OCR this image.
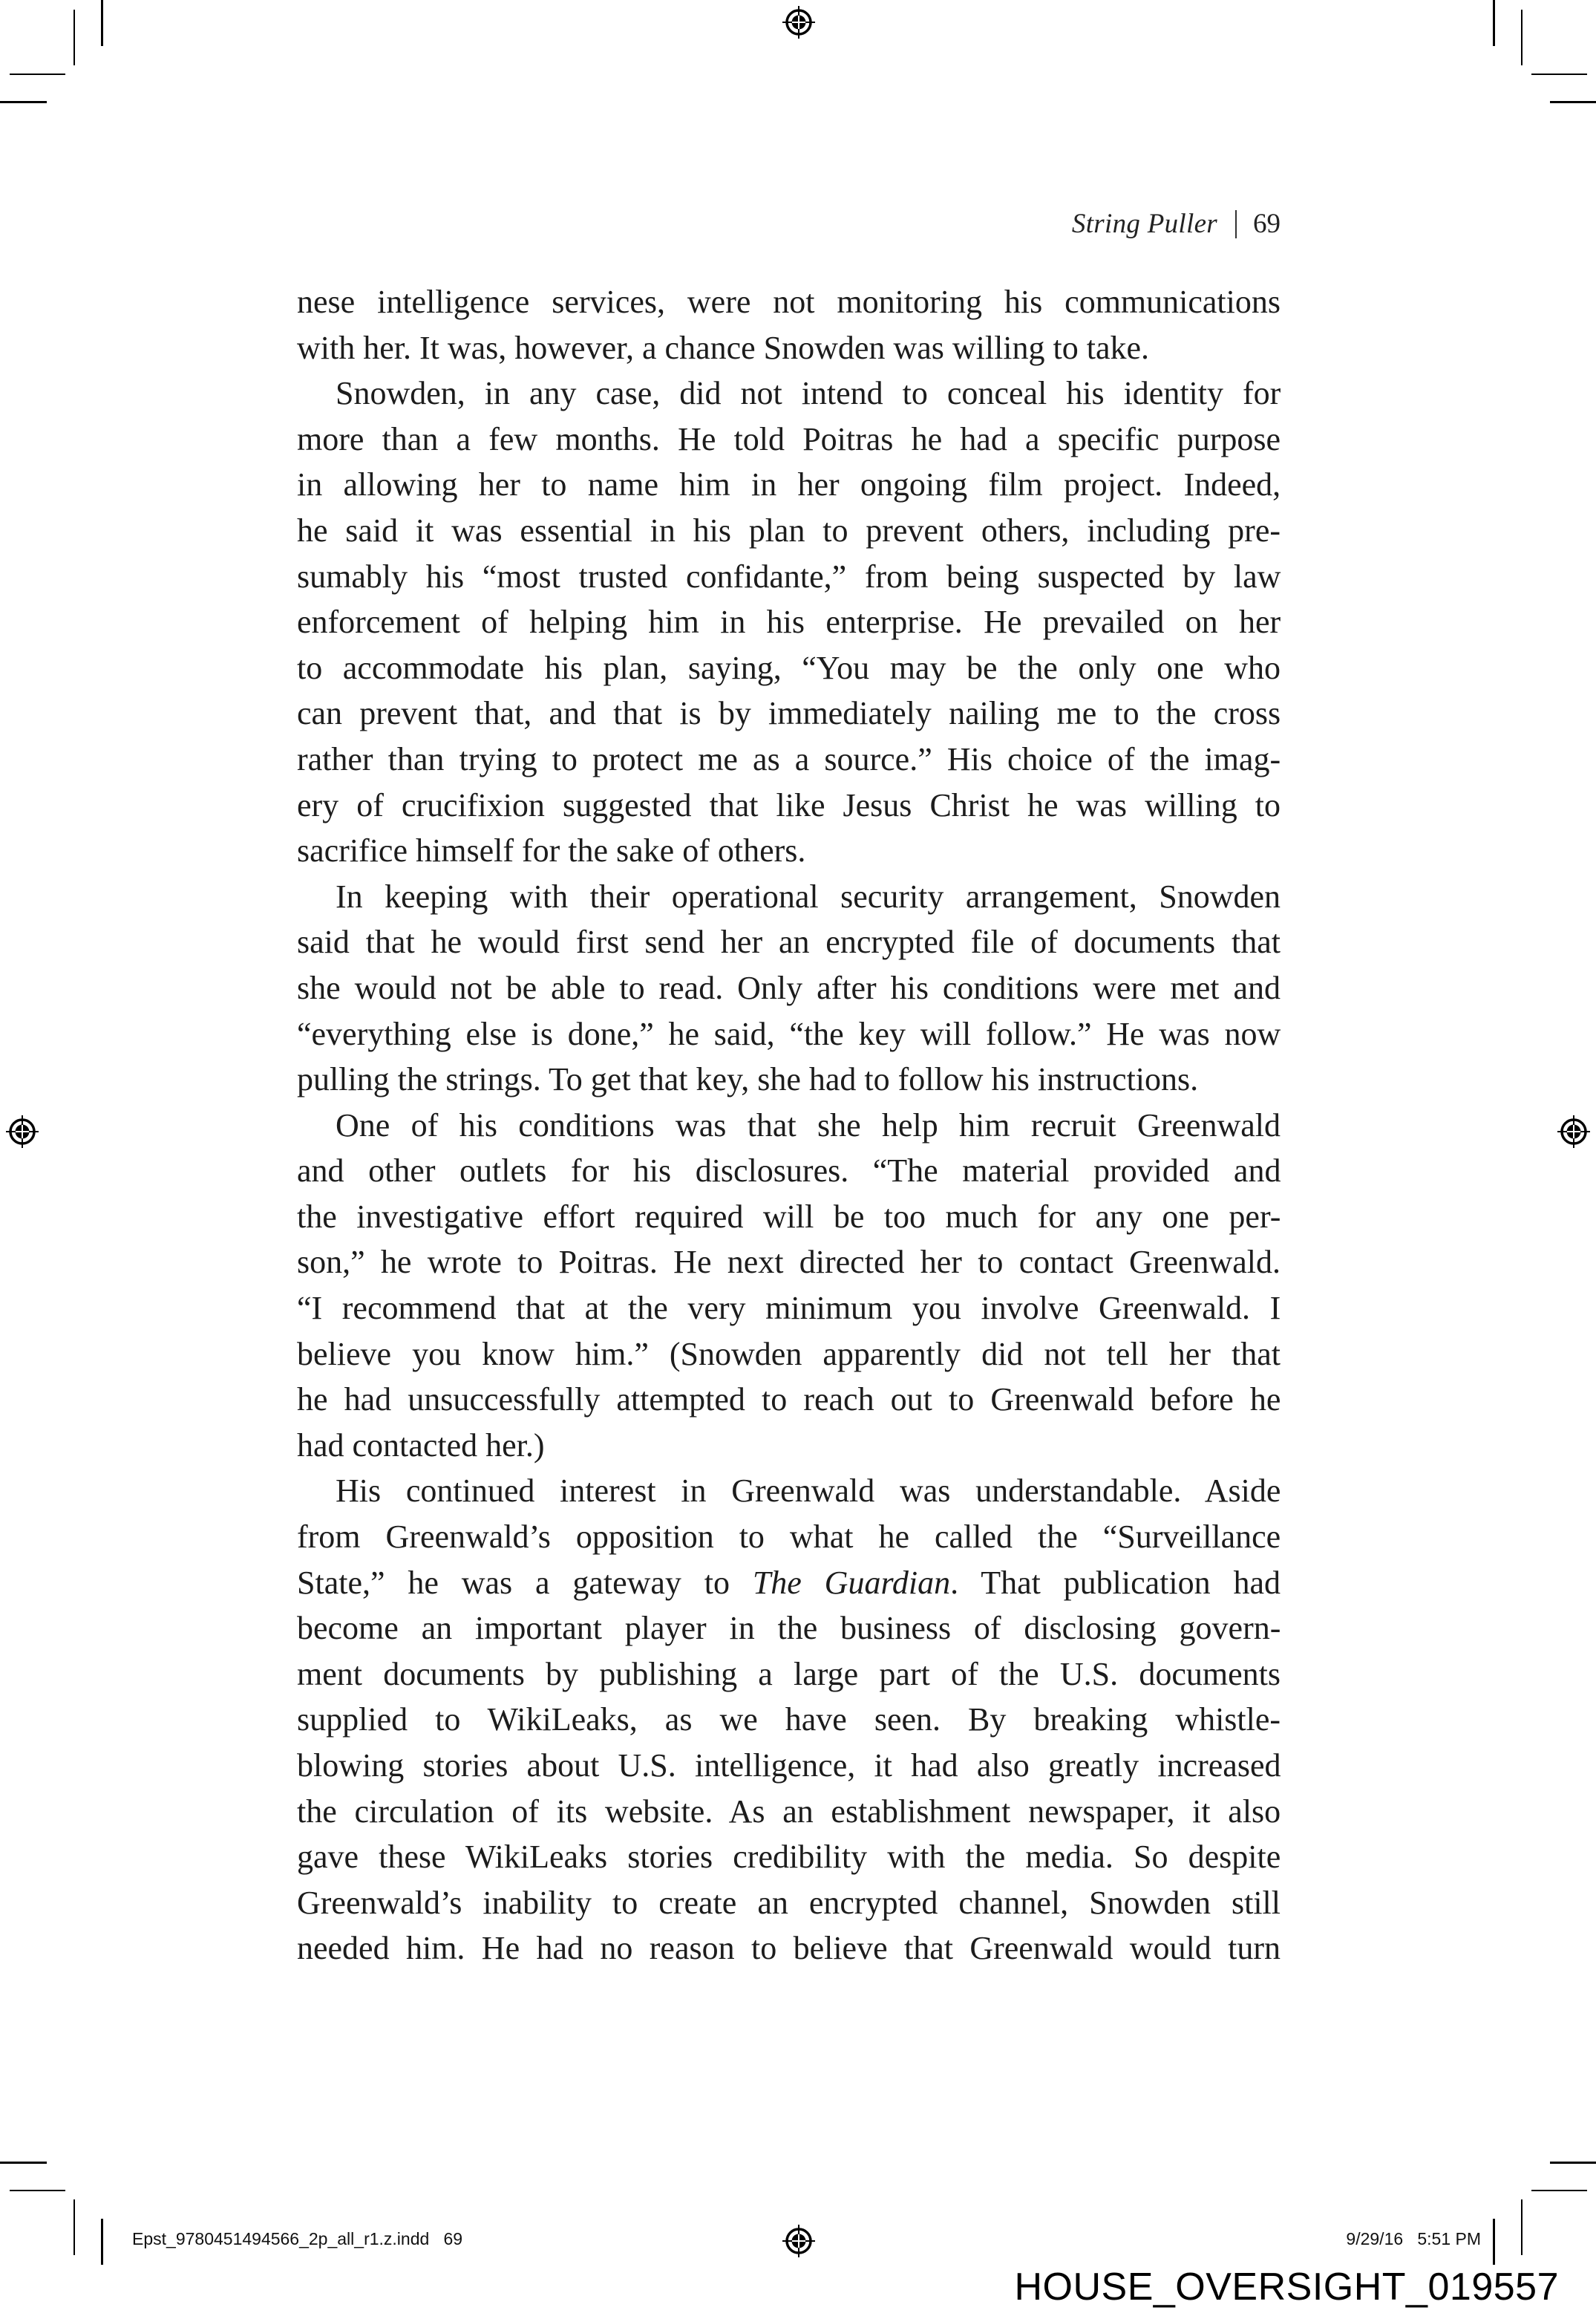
String Puller 69

nese intelligence services, were not monitoring his communications
with her. It was, however, a chance Snowden was willing to take.

Snowden, in any case, did not intend to conceal his identity for
more than a few months. He told Poitras he had a specific purpose
in allowing her to name him in her ongoing film project. Indeed,
he said it was essential in his plan to prevent others, including pre-
sumably his “most trusted confidante,” from being suspected by law
enforcement of helping him in his enterprise. He prevailed on her
to accommodate his plan, saying, “You may be the only one who
can prevent that, and that is by immediately nailing me to the cross
rather than trying to protect me as a source.” His choice of the imag-
ery of crucifixion suggested that like Jesus Christ he was willing to
sacrifice himself for the sake of others.

In keeping with their operational security arrangement, Snowden
said that he would first send her an encrypted file of documents that
she would not be able to read. Only after his conditions were met and
“everything else is done,” he said, “the key will follow.” He was now
pulling the strings. To get that key, she had to follow his instructions.

One of his conditions was that she help him recruit Greenwald
and other outlets for his disclosures. “The material provided and
the investigative effort required will be too much for any one per-
son,” he wrote to Poitras. He next directed her to contact Greenwald.
“I recommend that at the very minimum you involve Greenwald. I
believe you know him.” (Snowden apparently did not tell her that
he had unsuccessfully attempted to reach out to Greenwald before he
had contacted her.)

His continued interest in Greenwald was understandable. Aside
from Greenwald’s opposition to what he called the “Surveillance
State,” he was a gateway to The Guardian. That publication had
become an important player in the business of disclosing govern-
ment documents by publishing a large part of the U.S. documents
supplied to WikiLeaks, as we have seen. By breaking whistle-
blowing stories about U.S. intelligence, it had also greatly increased
the circulation of its website. As an establishment newspaper, it also
gave these WikiLeaks stories credibility with the media. So despite
Greenwald’s inability to create an encrypted channel, Snowden still
needed him. He had no reason to believe that Greenwald would turn

Epst_9780451494566_2p_all_r1.z.indd 69	9/29/16 5:51 PM
HOUSE_OVERSIGHT_019557
